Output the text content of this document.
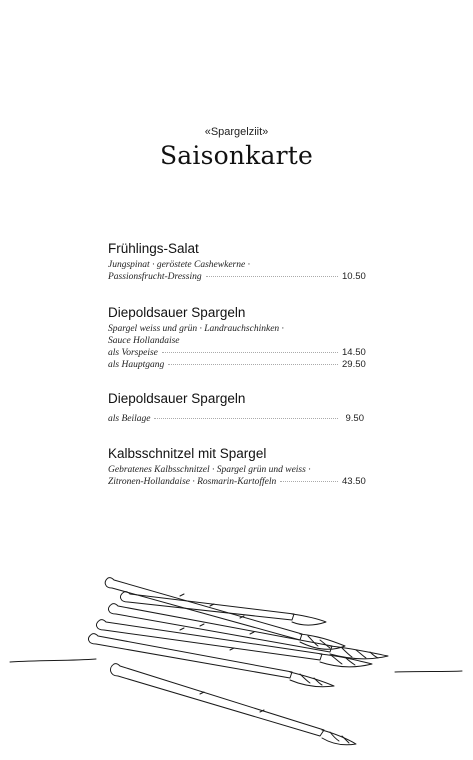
«Spargelziit»
Saisonkarte
Frühlings-Salat
Jungspinat · geröstete Cashewkerne ·
Passionsfrucht-Dressing	10.50
Diepoldsauer Spargeln
Spargel weiss und grün · Landrauchschinken ·
Sauce Hollandaise
als Vorspeise	14.50
als Hauptgang	29.50
Diepoldsauer Spargeln
als Beilage	9.50
Kalbsschnitzel mit Spargel
Gebratenes Kalbsschnitzel · Spargel grün und weiss ·
Zitronen-Hollandaise · Rosmarin-Kartoffeln	43.50
